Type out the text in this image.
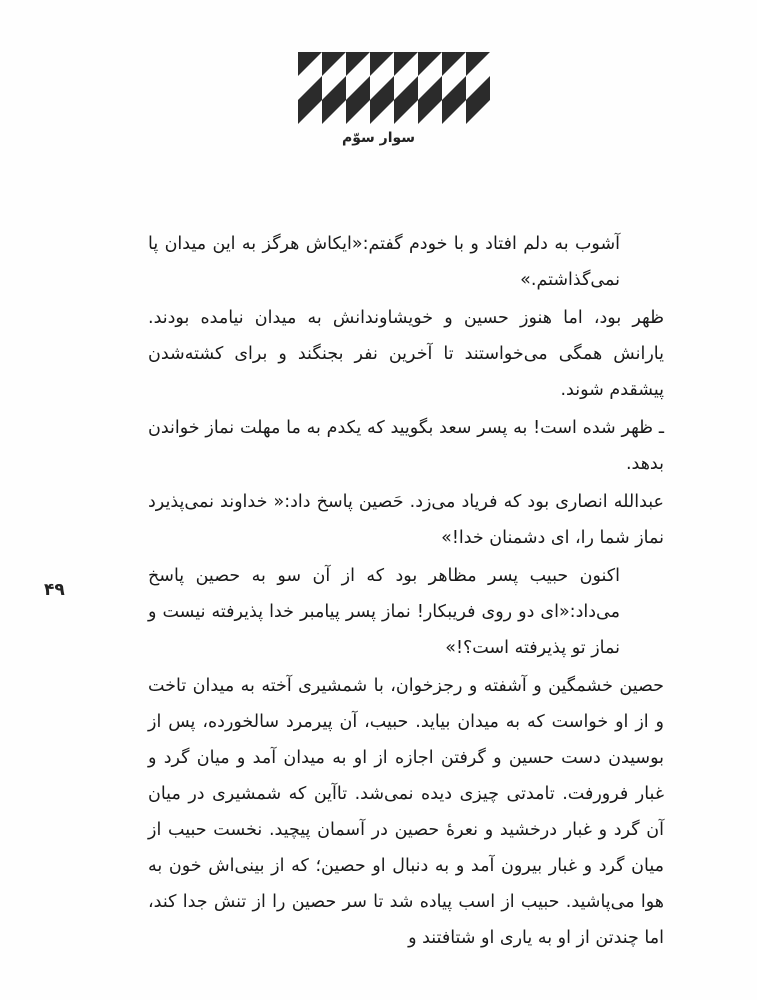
سوار سوّم
۴۹

آشوب به دلم افتاد و با خودم گفتم:«ایکاش هرگز به این میدان پا نمی‌گذاشتم.»

ظهر بود، اما هنوز حسین و خویشاوندانش به میدان نیامده بودند. یارانش همگی می‌خواستند تا آخرین نفر بجنگند و برای کشته‌شدن پیشقدم شوند.

ـ ظهر شده است! به پسر سعد بگویید که یکدم به ما مهلت نماز خواندن بدهد.

عبدالله انصاری بود که فریاد می‌زد. حَصین پاسخ داد:« خداوند نمی‌پذیرد نماز شما را، ای دشمنان خدا!»

اکنون حبیب پسر مظاهر بود که از آن سو به حصین پاسخ می‌داد:«ای دو روی فریبکار! نماز پسر پیامبر خدا پذیرفته نیست و نماز تو پذیرفته است؟!»

حصین خشمگین و آشفته و رجزخوان، با شمشیری آخته به میدان تاخت و از او خواست که به میدان بیاید. حبیب، آن پیرمرد سالخورده، پس از بوسیدن دست حسین و گرفتن اجازه از او به میدان آمد و میان گرد و غبار فرورفت. تامدتی چیزی دیده نمی‌شد. تاآین که شمشیری در میان آن گرد و غبار درخشید و نعرهٔ حصین در آسمان پیچید. نخست حبیب از میان گرد و غبار بیرون آمد و به دنبال او حصین؛ که از بینی‌اش خون به هوا می‌پاشید. حبیب از اسب پیاده شد تا سر حصین را از تنش جدا کند، اما چندتن از او به یاری او شتافتند و
